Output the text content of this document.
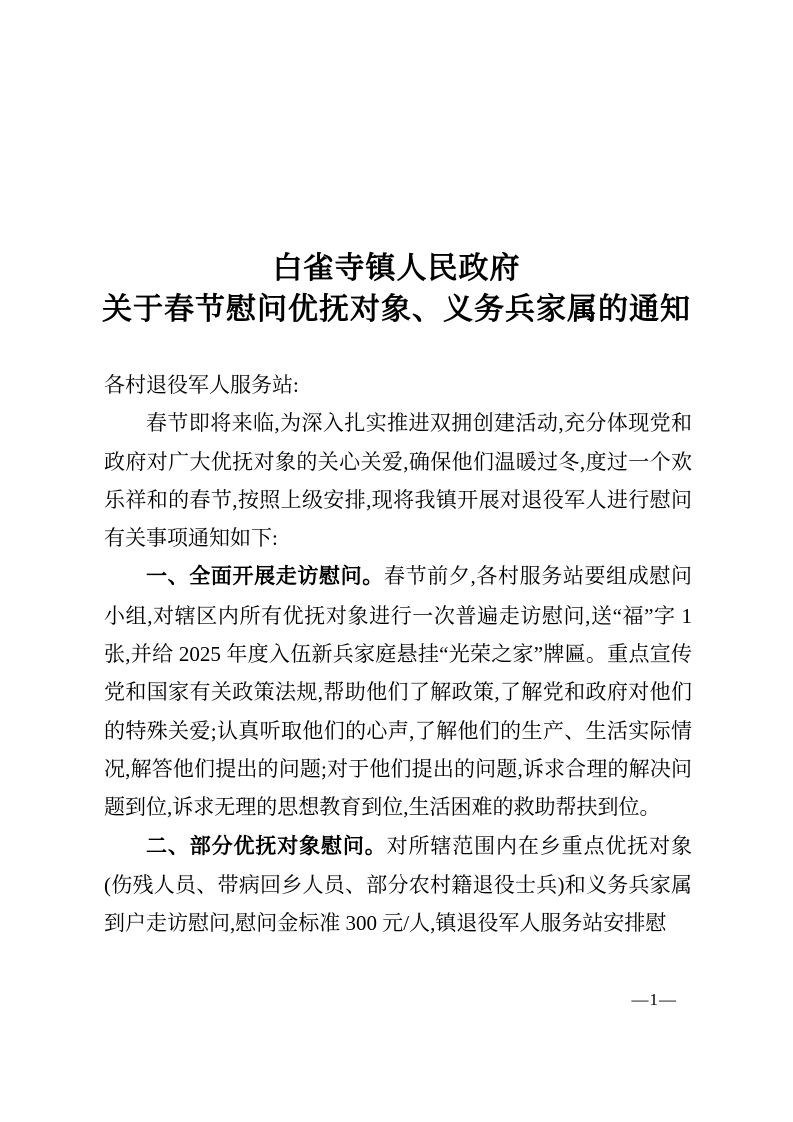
白雀寺镇人民政府
关于春节慰问优抚对象、义务兵家属的通知

各村退役军人服务站:

春节即将来临,为深入扎实推进双拥创建活动,充分体现党和政府对广大优抚对象的关心关爱,确保他们温暖过冬,度过一个欢乐祥和的春节,按照上级安排,现将我镇开展对退役军人进行慰问有关事项通知如下:

一、全面开展走访慰问。春节前夕,各村服务站要组成慰问小组,对辖区内所有优抚对象进行一次普遍走访慰问,送“福”字 1 张,并给 2025 年度入伍新兵家庭悬挂“光荣之家”牌匾。重点宣传党和国家有关政策法规,帮助他们了解政策,了解党和政府对他们的特殊关爱;认真听取他们的心声,了解他们的生产、生活实际情况,解答他们提出的问题;对于他们提出的问题,诉求合理的解决问题到位,诉求无理的思想教育到位,生活困难的救助帮扶到位。

二、部分优抚对象慰问。对所辖范围内在乡重点优抚对象(伤残人员、带病回乡人员、部分农村籍退役士兵)和义务兵家属到户走访慰问,慰问金标准 300 元/人,镇退役军人服务站安排慰

—1—
